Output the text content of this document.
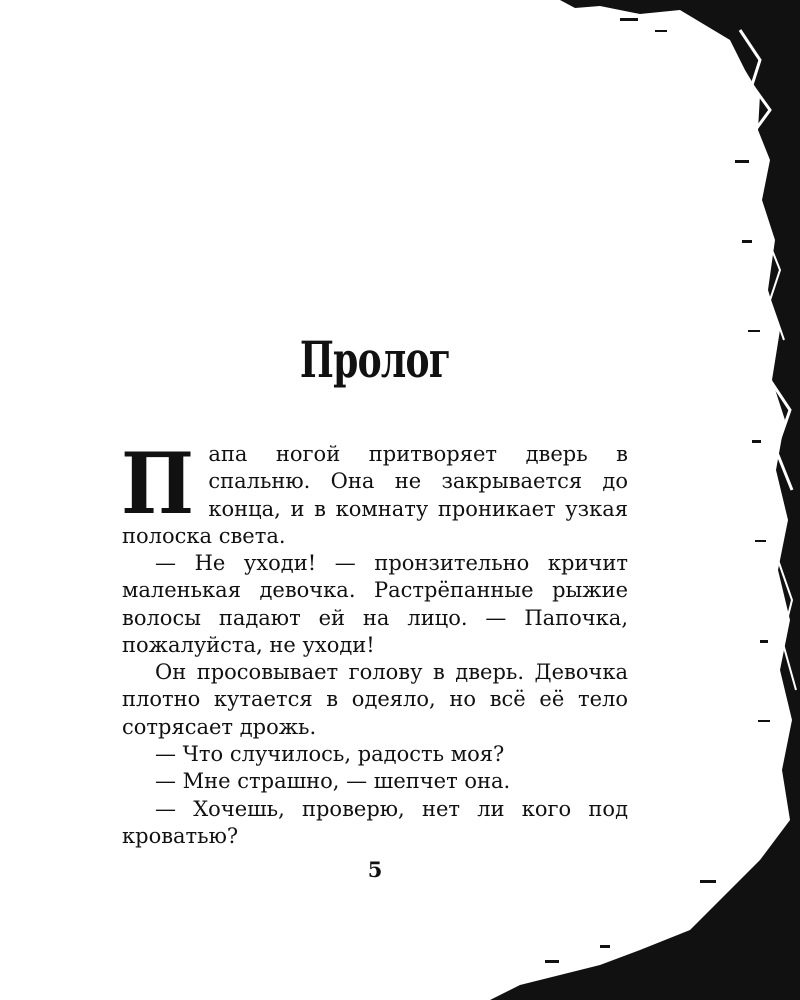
Пролог

Папа ногой притворяет дверь в спальню. Она не закрывается до конца, и в комнату проникает узкая полоска света.

— Не уходи! — пронзительно кричит маленькая девочка. Растрёпанные рыжие волосы падают ей на лицо. — Папочка, пожалуйста, не уходи!

Он просовывает голову в дверь. Девочка плотно кутается в одеяло, но всё её тело сотрясает дрожь.

— Что случилось, радость моя?

— Мне страшно, — шепчет она.

— Хочешь, проверю, нет ли кого под кроватью?

5
